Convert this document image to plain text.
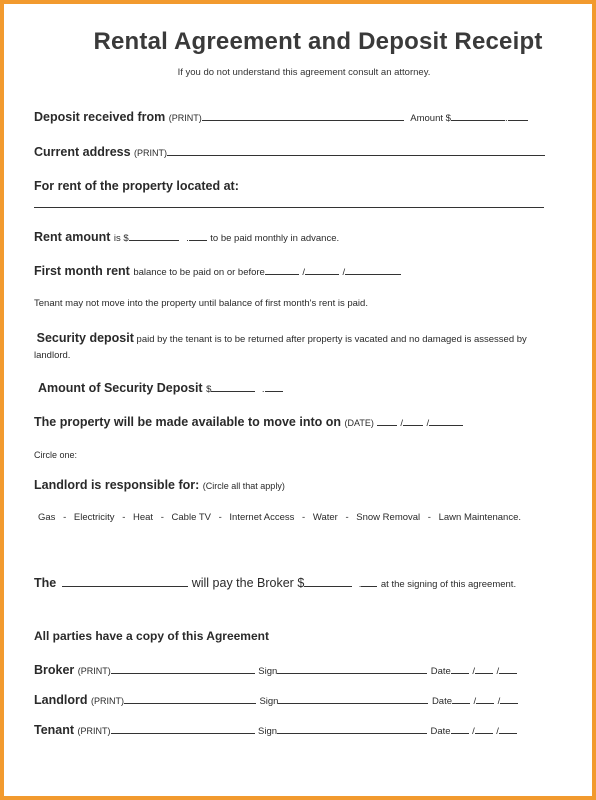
Rental Agreement and Deposit Receipt
If you do not understand this agreement consult an attorney.
Deposit received from (PRINT)	Amount $	.
Current address (PRINT)
For rent of the property located at:
Rent amount is $	. to be paid monthly in advance.
First month rent balance to be paid on or before	/	/
Tenant may not move into the property until balance of first month's rent is paid.
Security deposit paid by the tenant is to be returned after property is vacated and no damaged is assessed by landlord.
Amount of Security Deposit $	.
The property will be made available to move into on (DATE)	/ /
Circle one:
Landlord is responsible for: (Circle all that apply)
Gas - Electricity - Heat - Cable TV - Internet Access - Water - Snow Removal - Lawn Maintenance.
The	will pay the Broker $	. at the signing of this agreement.
All parties have a copy of this Agreement
Broker (PRINT)	Sign	Date / /
Landlord (PRINT)	Sign	Date / /
Tenant (PRINT)	Sign	Date / /
